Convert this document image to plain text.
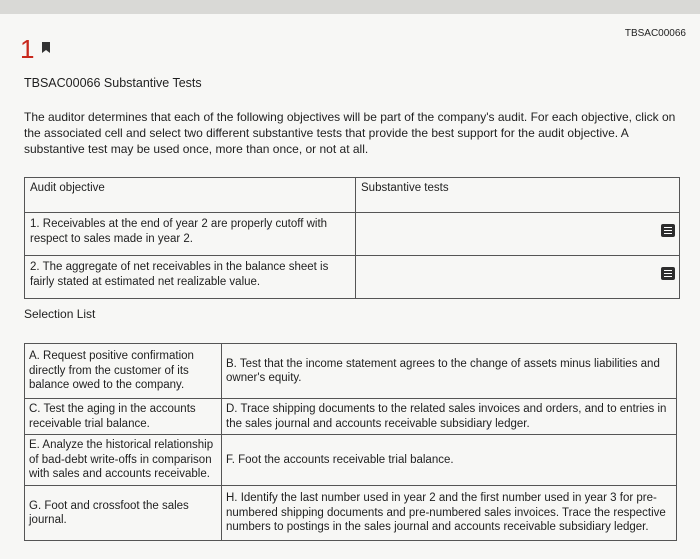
TBSAC00066
1
TBSAC00066 Substantive Tests
The auditor determines that each of the following objectives will be part of the company's audit. For each objective, click on the associated cell and select two different substantive tests that provide the best support for the audit objective. A substantive test may be used once, more than once, or not at all.
Audit objective	Substantive tests
1. Receivables at the end of year 2 are properly cutoff with respect to sales made in year 2.	

2. The aggregate of net receivables in the balance sheet is fairly stated at estimated net realizable value.	
Selection List
A. Request positive confirmation directly from the customer of its balance owed to the company.	B. Test that the income statement agrees to the change of assets minus liabilities and owner's equity.
C. Test the aging in the accounts receivable trial balance.	D. Trace shipping documents to the related sales invoices and orders, and to entries in the sales journal and accounts receivable subsidiary ledger.
E. Analyze the historical relationship of bad-debt write-offs in comparison with sales and accounts receivable.	F. Foot the accounts receivable trial balance.
G. Foot and crossfoot the sales journal.	H. Identify the last number used in year 2 and the first number used in year 3 for pre-numbered shipping documents and pre-numbered sales invoices. Trace the respective numbers to postings in the sales journal and accounts receivable subsidiary ledger.
